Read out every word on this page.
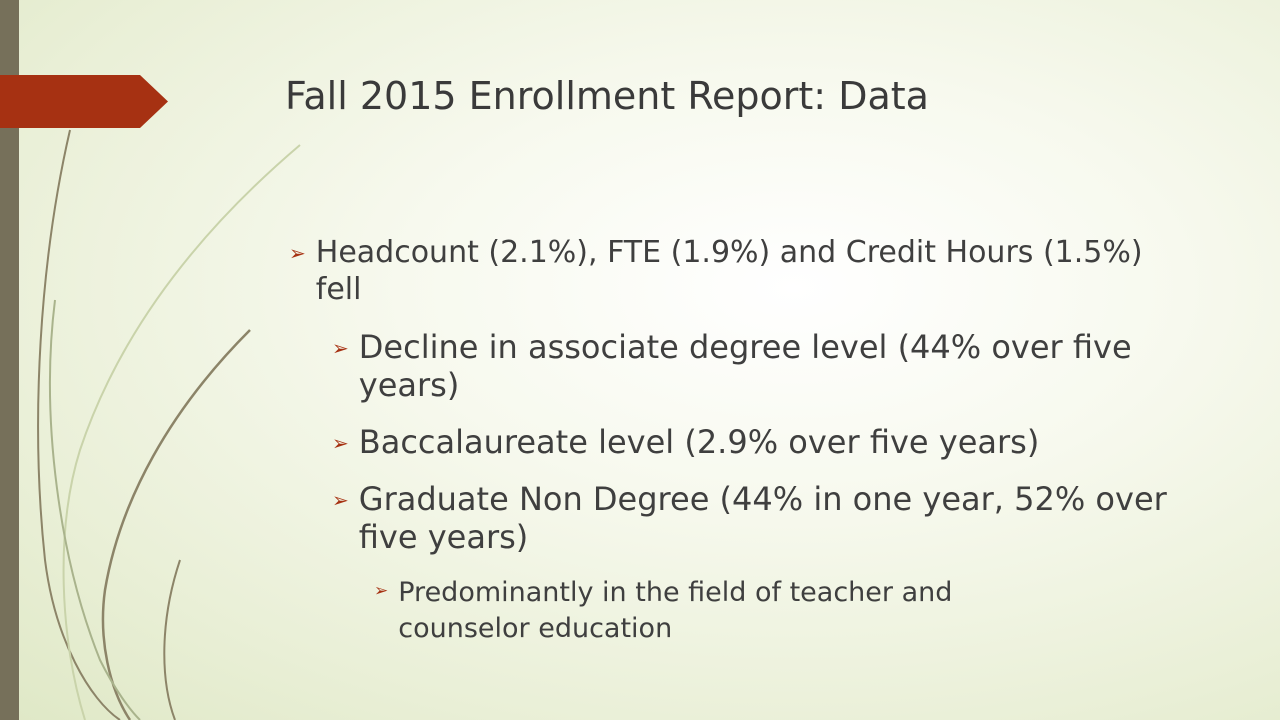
Fall 2015 Enrollment Report: Data
➢ Headcount (2.1%), FTE (1.9%) and Credit Hours (1.5%) fell
➢ Decline in associate degree level (44% over five years)
➢ Baccalaureate level (2.9% over five years)
➢ Graduate Non Degree (44% in one year, 52% over five years)
➢ Predominantly in the field of teacher and counselor education
